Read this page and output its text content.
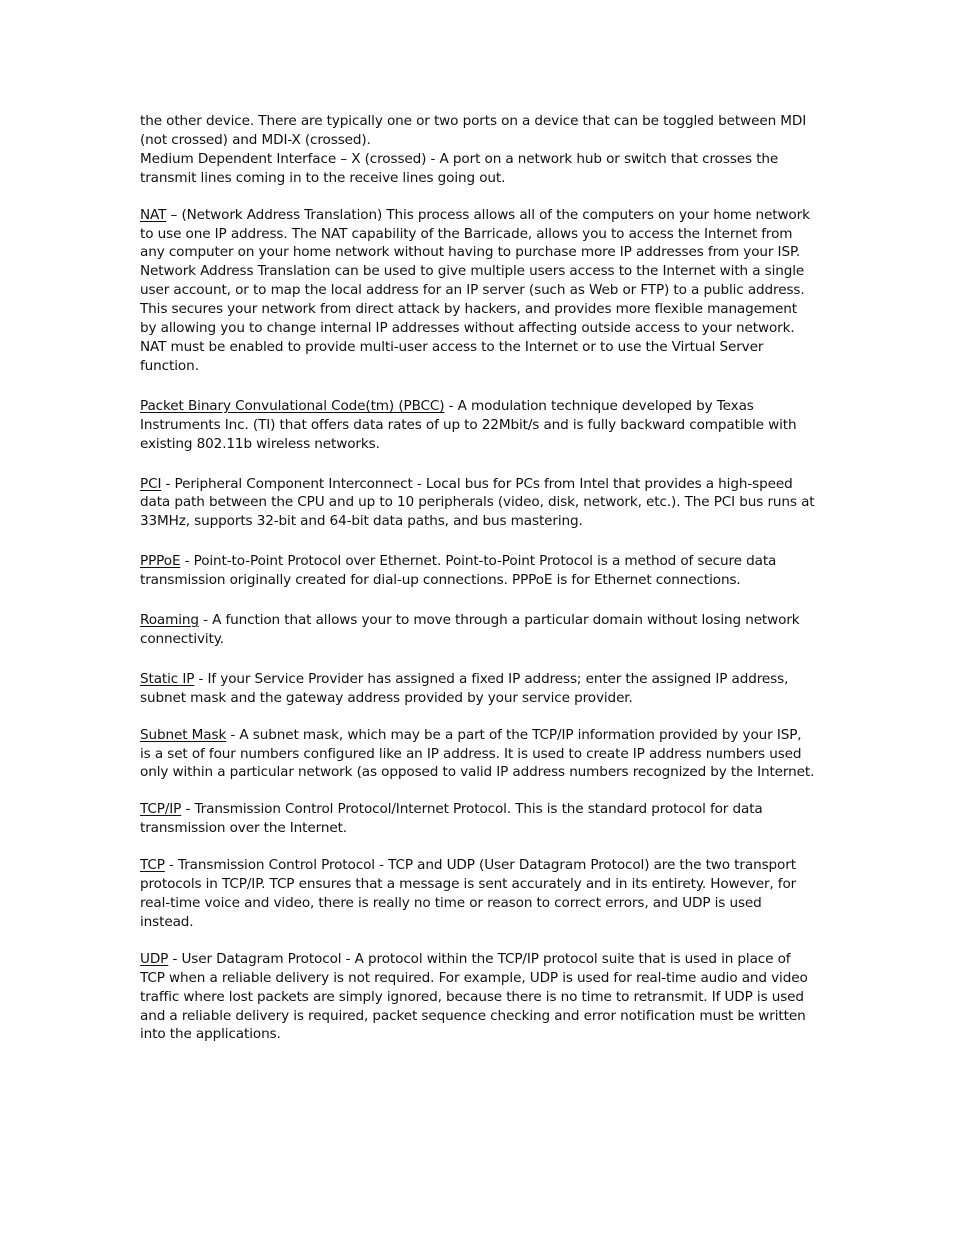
the other device. There are typically one or two ports on a device that can be toggled between MDI (not crossed) and MDI-X (crossed).

Medium Dependent Interface – X (crossed) - A port on a network hub or switch that crosses the transmit lines coming in to the receive lines going out.

NAT – (Network Address Translation) This process allows all of the computers on your home network to use one IP address. The NAT capability of the Barricade, allows you to access the Internet from any computer on your home network without having to purchase more IP addresses from your ISP. Network Address Translation can be used to give multiple users access to the Internet with a single user account, or to map the local address for an IP server (such as Web or FTP) to a public address. This secures your network from direct attack by hackers, and provides more flexible management by allowing you to change internal IP addresses without affecting outside access to your network. NAT must be enabled to provide multi-user access to the Internet or to use the Virtual Server function.

Packet Binary Convulational Code(tm) (PBCC) - A modulation technique developed by Texas Instruments Inc. (TI) that offers data rates of up to 22Mbit/s and is fully backward compatible with existing 802.11b wireless networks.

PCI - Peripheral Component Interconnect - Local bus for PCs from Intel that provides a high-speed data path between the CPU and up to 10 peripherals (video, disk, network, etc.). The PCI bus runs at 33MHz, supports 32-bit and 64-bit data paths, and bus mastering.

PPPoE - Point-to-Point Protocol over Ethernet. Point-to-Point Protocol is a method of secure data transmission originally created for dial-up connections. PPPoE is for Ethernet connections.

Roaming - A function that allows your to move through a particular domain without losing network connectivity.

Static IP - If your Service Provider has assigned a fixed IP address; enter the assigned IP address, subnet mask and the gateway address provided by your service provider.

Subnet Mask - A subnet mask, which may be a part of the TCP/IP information provided by your ISP, is a set of four numbers configured like an IP address. It is used to create IP address numbers used only within a particular network (as opposed to valid IP address numbers recognized by the Internet.

TCP/IP - Transmission Control Protocol/Internet Protocol. This is the standard protocol for data transmission over the Internet.

TCP - Transmission Control Protocol - TCP and UDP (User Datagram Protocol) are the two transport protocols in TCP/IP. TCP ensures that a message is sent accurately and in its entirety. However, for real-time voice and video, there is really no time or reason to correct errors, and UDP is used instead.

UDP - User Datagram Protocol - A protocol within the TCP/IP protocol suite that is used in place of TCP when a reliable delivery is not required. For example, UDP is used for real-time audio and video traffic where lost packets are simply ignored, because there is no time to retransmit. If UDP is used and a reliable delivery is required, packet sequence checking and error notification must be written into the applications.
